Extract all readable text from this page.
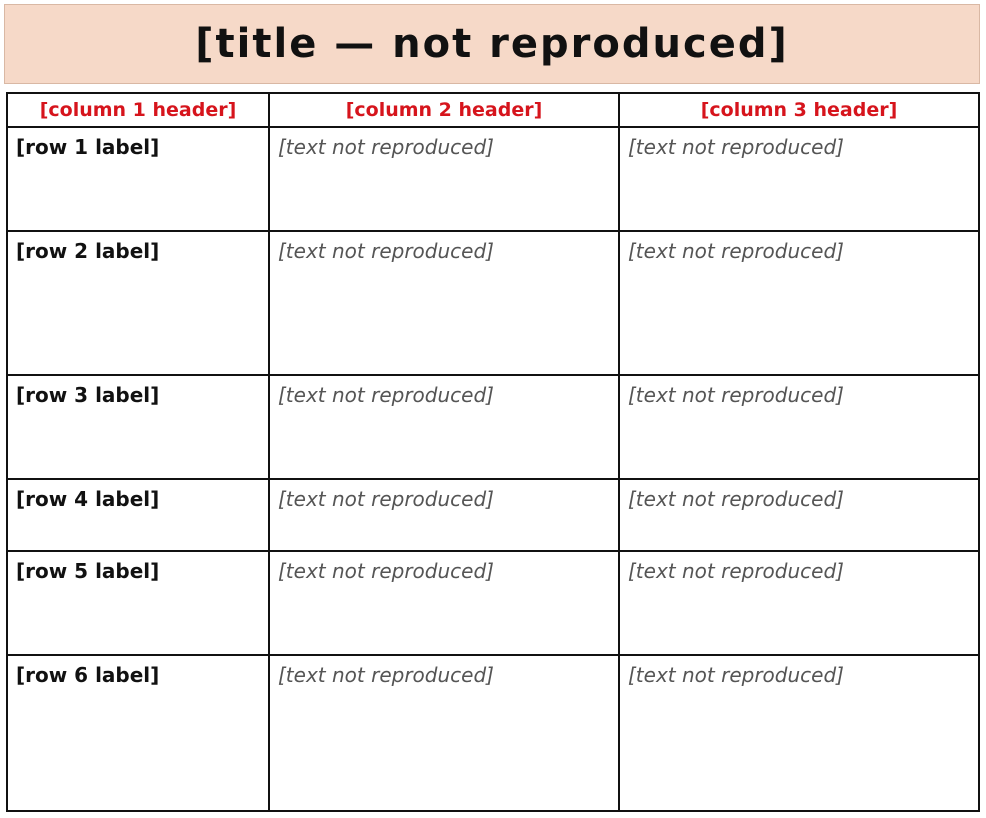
[title — not reproduced]
[column 1 header]	[column 2 header]	[column 3 header]
[row 1 label]	[text not reproduced]	[text not reproduced]
[row 2 label]	[text not reproduced]	[text not reproduced]
[row 3 label]	[text not reproduced]	[text not reproduced]
[row 4 label]	[text not reproduced]	[text not reproduced]
[row 5 label]	[text not reproduced]	[text not reproduced]
[row 6 label]	[text not reproduced]	[text not reproduced]
